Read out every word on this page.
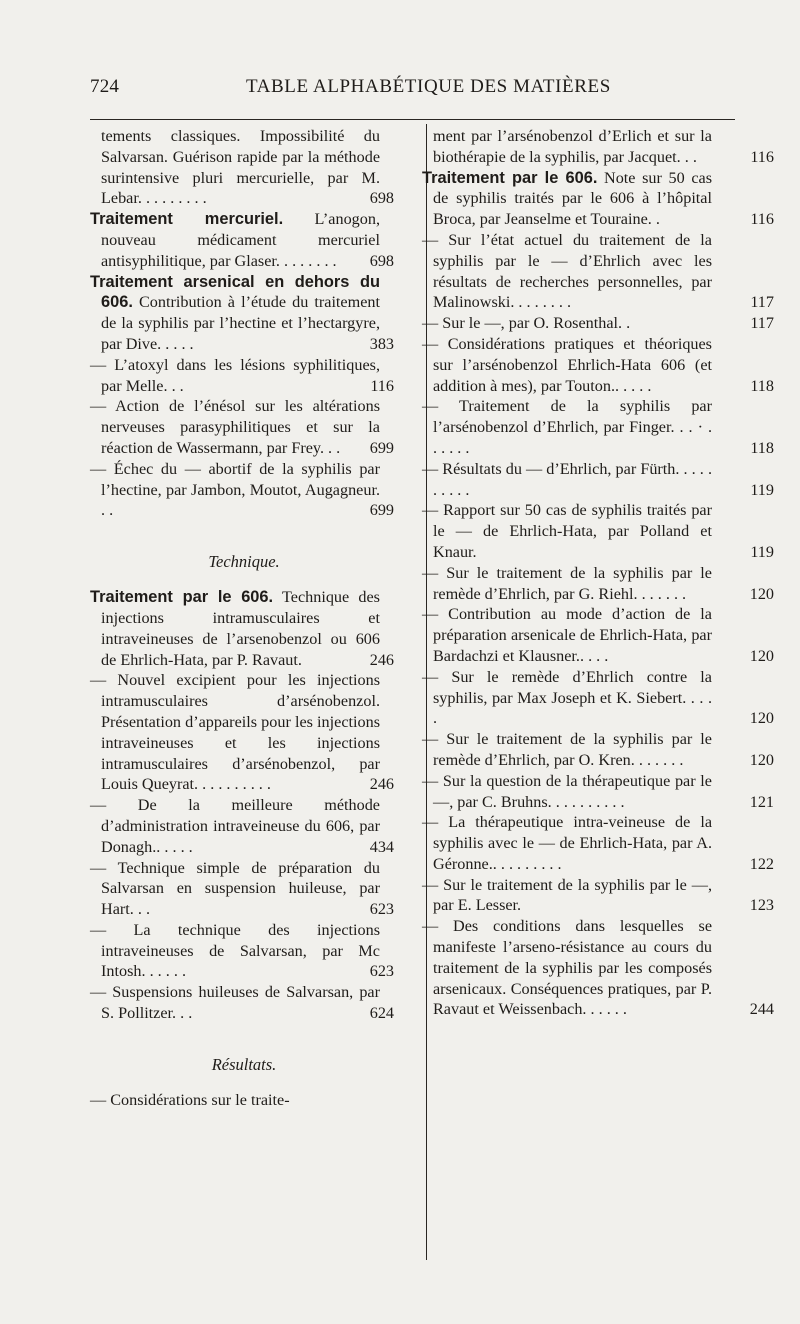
724	TABLE ALPHABÉTIQUE DES MATIÈRES
tements classiques. Impossibilité du Salvarsan. Guérison rapide par la méthode surintensive pluri mercurielle, par M. Lebar. . . . . . . . .	698
Traitement mercuriel. L’anogon, nouveau médicament mercuriel antisyphilitique, par Glaser. . . . . . . .	698
Traitement arsenical en dehors du 606. Contribution à l’étude du traitement de la syphilis par l’hectine et l’hectargyre, par Dive. . . . .	383
— L’atoxyl dans les lésions syphilitiques, par Melle. . .	116
— Action de l’énésol sur les altérations nerveuses parasyphilitiques et sur la réaction de Wassermann, par Frey. . .	699
— Échec du — abortif de la syphilis par l’hectine, par Jambon, Moutot, Augagneur. . .	699
Technique.
Traitement par le 606. Technique des injections intramusculaires et intraveineuses de l’arsenobenzol ou 606 de Ehrlich-Hata, par P. Ravaut.	246
— Nouvel excipient pour les injections intramusculaires d’arsénobenzol. Présentation d’appareils pour les injections intraveineuses et les injections intramusculaires d’arsénobenzol, par Louis Queyrat. . . . . . . . . .	246
— De la meilleure méthode d’administration intraveineuse du 606, par Donagh.. . . . .	434
— Technique simple de préparation du Salvarsan en suspension huileuse, par Hart. . .	623
— La technique des injections intraveineuses de Salvarsan, par Mc Intosh. . . . . .	623
— Suspensions huileuses de Salvarsan, par S. Pollitzer. . .	624
Résultats.
— Considérations sur le traite-
ment par l’arsénobenzol d’Erlich et sur la biothérapie de la syphilis, par Jacquet. . .	116
Traitement par le 606. Note sur 50 cas de syphilis traités par le 606 à l’hôpital Broca, par Jeanselme et Touraine. .	116
— Sur l’état actuel du traitement de la syphilis par le — d’Ehrlich avec les résultats de recherches personnelles, par Malinowski. . . . . . . .	117
— Sur le —, par O. Rosenthal. .	117
— Considérations pratiques et théoriques sur l’arsénobenzol Ehrlich-Hata 606 (et addition à mes), par Touton.. . . . .	118
— Traitement de la syphilis par l’arsénobenzol d’Ehrlich, par Finger. . . · . . . . . .	118
— Résultats du — d’Ehrlich, par Fürth. . . . . . . . . .	119
— Rapport sur 50 cas de syphilis traités par le — de Ehrlich-Hata, par Polland et Knaur.	119
— Sur le traitement de la syphilis par le remède d’Ehrlich, par G. Riehl. . . . . . .	120
— Contribution au mode d’action de la préparation arsenicale de Ehrlich-Hata, par Bardachzi et Klausner.. . . .	120
— Sur le remède d’Ehrlich contre la syphilis, par Max Joseph et K. Siebert. . . . .	120
— Sur le traitement de la syphilis par le remède d’Ehrlich, par O. Kren. . . . . . .	120
— Sur la question de la thérapeutique par le —, par C. Bruhns. . . . . . . . . .	121
— La thérapeutique intra-veineuse de la syphilis avec le — de Ehrlich-Hata, par A. Géronne.. . . . . . . . .	122
— Sur le traitement de la syphilis par le —, par E. Lesser.	123
— Des conditions dans lesquelles se manifeste l’arseno-résistance au cours du traitement de la syphilis par les composés arsenicaux. Conséquences pratiques, par P. Ravaut et Weissenbach. . . . . .	244
